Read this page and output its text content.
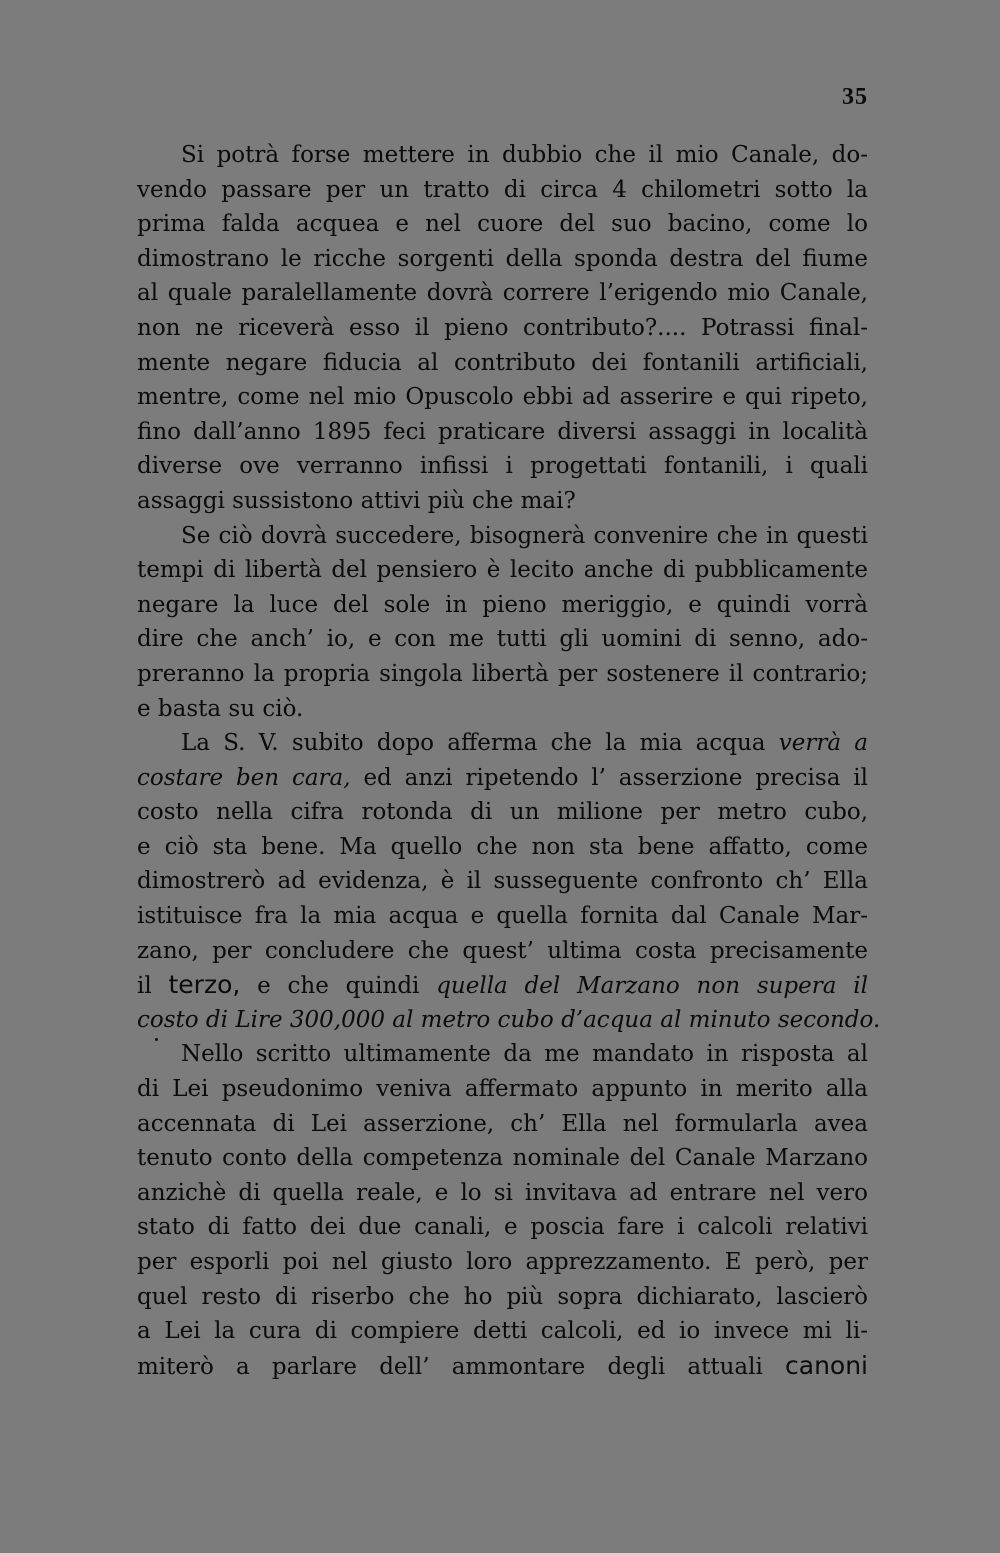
35
Si potrà forse mettere in dubbio che il mio Canale, do-
vendo passare per un tratto di circa 4 chilometri sotto la
prima falda acquea e nel cuore del suo bacino, come lo
dimostrano le ricche sorgenti della sponda destra del fiume
al quale paralellamente dovrà correre l’erigendo mio Canale,
non ne riceverà esso il pieno contributo?.... Potrassi final-
mente negare fiducia al contributo dei fontanili artificiali,
mentre, come nel mio Opuscolo ebbi ad asserire e qui ripeto,
fino dall’anno 1895 feci praticare diversi assaggi in località
diverse ove verranno infissi i progettati fontanili, i quali
assaggi sussistono attivi più che mai?
Se ciò dovrà succedere, bisognerà convenire che in questi
tempi di libertà del pensiero è lecito anche di pubblicamente
negare la luce del sole in pieno meriggio, e quindi vorrà
dire che anch’ io, e con me tutti gli uomini di senno, ado-
preranno la propria singola libertà per sostenere il contrario;
e basta su ciò.
La S. V. subito dopo afferma che la mia acqua verrà a
costare ben cara, ed anzi ripetendo l’ asserzione precisa il
costo nella cifra rotonda di un milione per metro cubo,
e ciò sta bene. Ma quello che non sta bene affatto, come
dimostrerò ad evidenza, è il susseguente confronto ch’ Ella
istituisce fra la mia acqua e quella fornita dal Canale Mar-
zano, per concludere che quest’ ultima costa precisamente
il terzo, e che quindi quella del Marzano non supera il
costo di Lire 300,000 al metro cubo d’acqua al minuto secondo.
Nello scritto ultimamente da me mandato in risposta al
di Lei pseudonimo veniva affermato appunto in merito alla
accennata di Lei asserzione, ch’ Ella nel formularla avea
tenuto conto della competenza nominale del Canale Marzano
anzichè di quella reale, e lo si invitava ad entrare nel vero
stato di fatto dei due canali, e poscia fare i calcoli relativi
per esporli poi nel giusto loro apprezzamento. E però, per
quel resto di riserbo che ho più sopra dichiarato, lascierò
a Lei la cura di compiere detti calcoli, ed io invece mi li-
miterò a parlare dell’ ammontare degli attuali canoni
